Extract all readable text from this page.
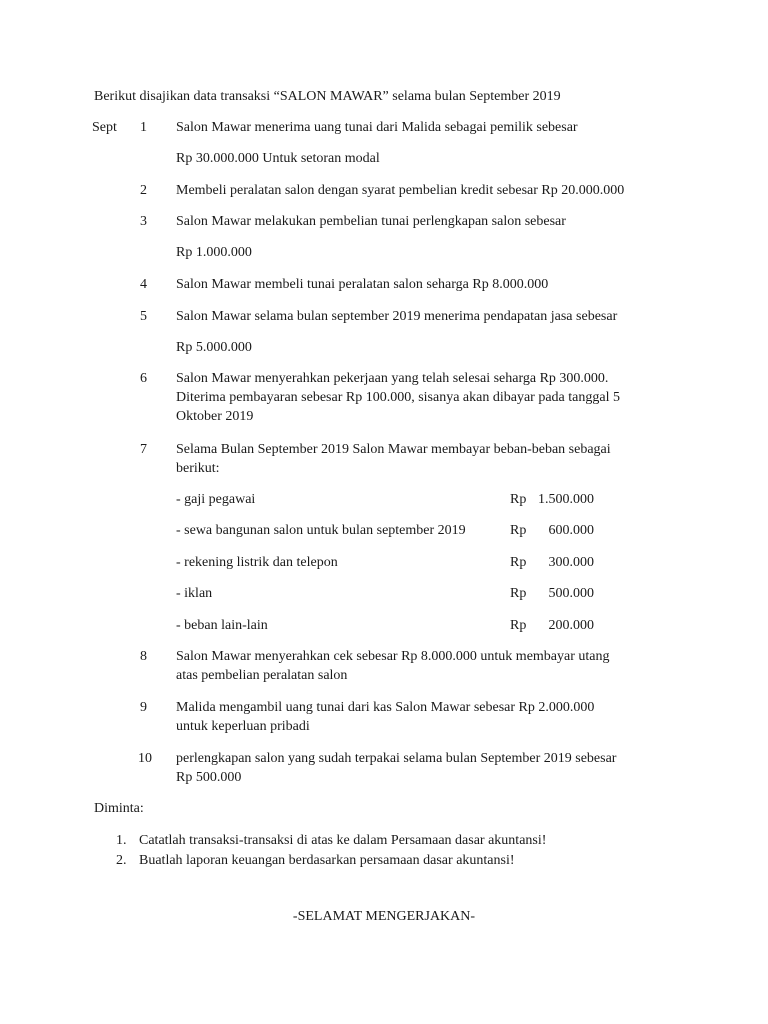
Berikut disajikan data transaksi “SALON MAWAR” selama bulan September 2019
Sept 1 Salon Mawar menerima uang tunai dari Malida sebagai pemilik sebesar
Rp 30.000.000 Untuk setoran modal
2 Membeli peralatan salon dengan syarat pembelian kredit sebesar Rp 20.000.000
3 Salon Mawar melakukan pembelian tunai perlengkapan salon sebesar
Rp 1.000.000
4 Salon Mawar membeli tunai peralatan salon seharga Rp 8.000.000
5 Salon Mawar selama bulan september 2019 menerima pendapatan jasa sebesar
Rp 5.000.000
6 Salon Mawar menyerahkan pekerjaan yang telah selesai seharga Rp 300.000.
Diterima pembayaran sebesar Rp 100.000, sisanya akan dibayar pada tanggal 5
Oktober 2019
7 Selama Bulan September 2019 Salon Mawar membayar beban-beban sebagai
berikut:
- gaji pegawai	Rp 1.500.000
- sewa bangunan salon untuk bulan september 2019	Rp	600.000
- rekening listrik dan telepon	Rp	300.000
- iklan	Rp	500.000
- beban lain-lain	Rp	200.000
8 Salon Mawar menyerahkan cek sebesar Rp 8.000.000 untuk membayar utang
atas pembelian peralatan salon
9 Malida mengambil uang tunai dari kas Salon Mawar sebesar Rp 2.000.000
untuk keperluan pribadi
10 perlengkapan salon yang sudah terpakai selama bulan September 2019 sebesar
Rp 500.000
Diminta:
1. Catatlah transaksi-transaksi di atas ke dalam Persamaan dasar akuntansi!
2. Buatlah laporan keuangan berdasarkan persamaan dasar akuntansi!
-SELAMAT MENGERJAKAN-
